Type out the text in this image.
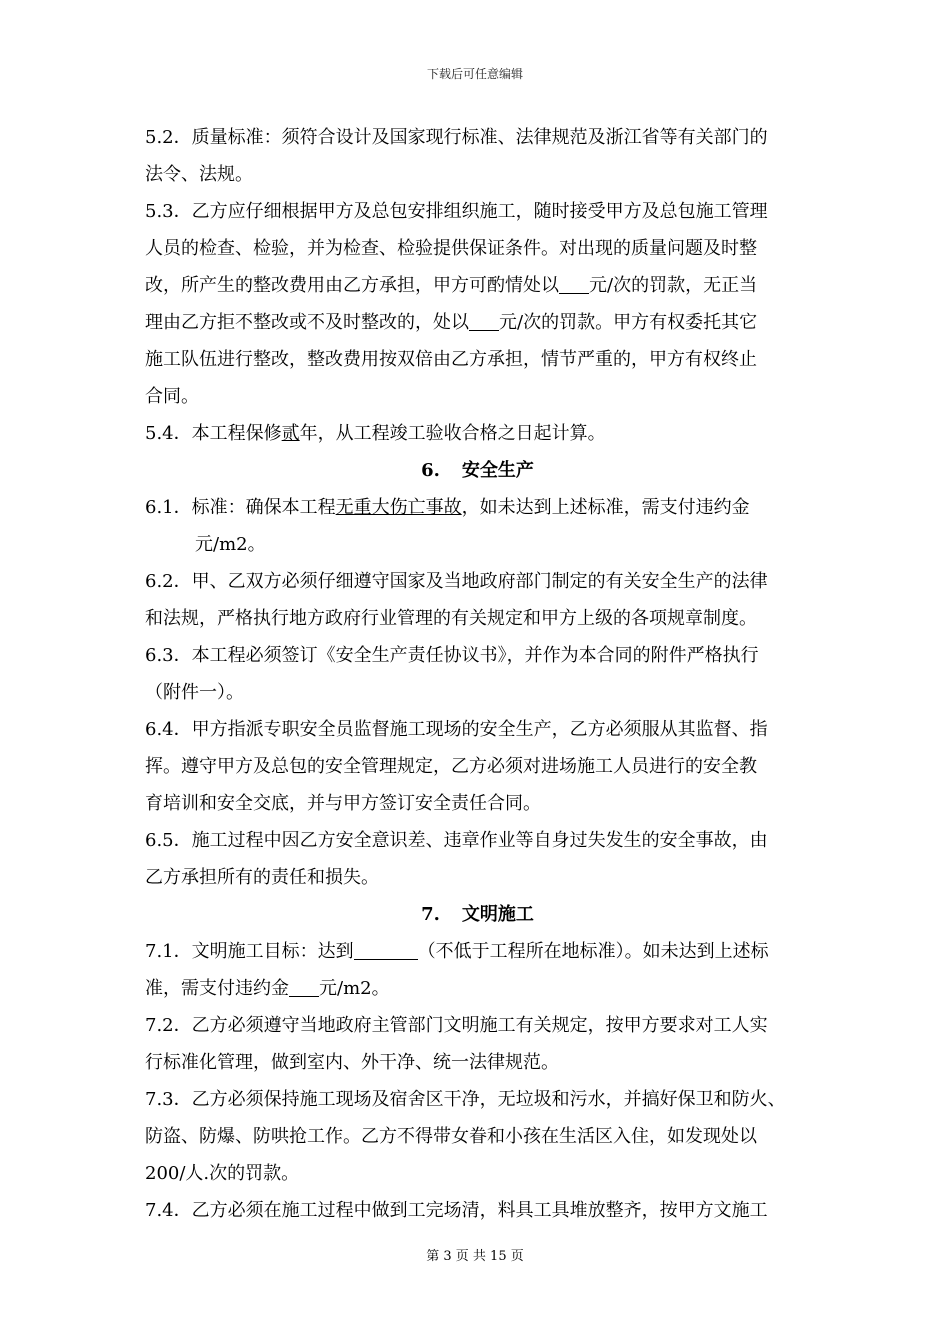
下载后可任意编辑
5.2．质量标准：须符合设计及国家现行标准、法律规范及浙江省等有关部门的
法令、法规。
5.3．乙方应仔细根据甲方及总包安排组织施工，随时接受甲方及总包施工管理
人员的检查、检验，并为检查、检验提供保证条件。对出现的质量问题及时整
改，所产生的整改费用由乙方承担，甲方可酌情处以 元/次的罚款，无正当
理由乙方拒不整改或不及时整改的，处以 元/次的罚款。甲方有权委托其它
施工队伍进行整改，整改费用按双倍由乙方承担，情节严重的，甲方有权终止
合同。
5.4．本工程保修贰年，从工程竣工验收合格之日起计算。
6. 安全生产
6.1．标准：确保本工程无重大伤亡事故，如未达到上述标准，需支付违约金
元/m2。
6.2．甲、乙双方必须仔细遵守国家及当地政府部门制定的有关安全生产的法律
和法规，严格执行地方政府行业管理的有关规定和甲方上级的各项规章制度。
6.3．本工程必须签订《安全生产责任协议书》，并作为本合同的附件严格执行
（附件一）。
6.4．甲方指派专职安全员监督施工现场的安全生产，乙方必须服从其监督、指
挥。遵守甲方及总包的安全管理规定，乙方必须对进场施工人员进行的安全教
育培训和安全交底，并与甲方签订安全责任合同。
6.5．施工过程中因乙方安全意识差、违章作业等自身过失发生的安全事故，由
乙方承担所有的责任和损失。
7. 文明施工
7.1．文明施工目标：达到	（不低于工程所在地标准）。如未达到上述标
准，需支付违约金 元/m2。
7.2．乙方必须遵守当地政府主管部门文明施工有关规定，按甲方要求对工人实
行标准化管理，做到室内、外干净、统一法律规范。
7.3．乙方必须保持施工现场及宿舍区干净，无垃圾和污水，并搞好保卫和防火、
防盗、防爆、防哄抢工作。乙方不得带女眷和小孩在生活区入住，如发现处以
200/人.次的罚款。
7.4．乙方必须在施工过程中做到工完场清，料具工具堆放整齐，按甲方文施工
第 3 页 共 15 页
